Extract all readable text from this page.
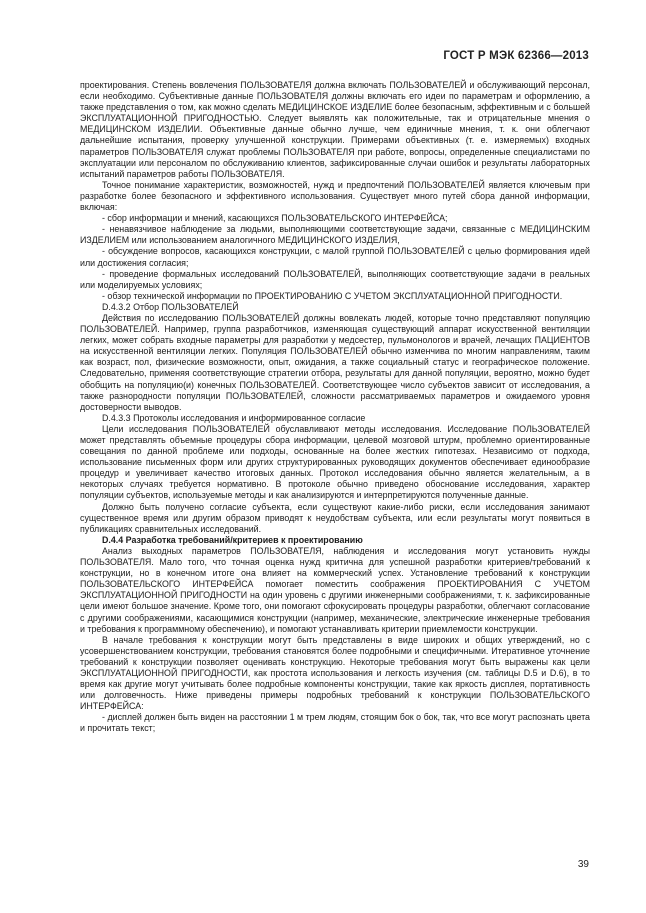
ГОСТ Р МЭК 62366—2013

проектирования. Степень вовлечения ПОЛЬЗОВАТЕЛЯ должна включать ПОЛЬЗОВАТЕЛЕЙ и обслуживающий персонал, если необходимо. Субъективные данные ПОЛЬЗОВАТЕЛЯ должны включать его идеи по параметрам и оформлению, а также представления о том, как можно сделать МЕДИЦИНСКОЕ ИЗДЕЛИЕ более безопасным, эффективным и с большей ЭКСПЛУАТАЦИОННОЙ ПРИГОДНОСТЬЮ. Следует выявлять как положительные, так и отрицательные мнения о МЕДИЦИНСКОМ ИЗДЕЛИИ. Объективные данные обычно лучше, чем единичные мнения, т. к. они облегчают дальнейшие испытания, проверку улучшенной конструкции. Примерами объективных (т. е. измеряемых) входных параметров ПОЛЬЗОВАТЕЛЯ служат проблемы ПОЛЬЗОВАТЕЛЯ при работе, вопросы, определенные специалистами по эксплуатации или персоналом по обслуживанию клиентов, зафиксированные случаи ошибок и результаты лабораторных испытаний параметров работы ПОЛЬЗОВАТЕЛЯ.

Точное понимание характеристик, возможностей, нужд и предпочтений ПОЛЬЗОВАТЕЛЕЙ является ключевым при разработке более безопасного и эффективного использования. Существует много путей сбора данной информации, включая:

- сбор информации и мнений, касающихся ПОЛЬЗОВАТЕЛЬСКОГО ИНТЕРФЕЙСА;

- ненавязчивое наблюдение за людьми, выполняющими соответствующие задачи, связанные с МЕДИЦИНСКИМ ИЗДЕЛИЕМ или использованием аналогичного МЕДИЦИНСКОГО ИЗДЕЛИЯ,

- обсуждение вопросов, касающихся конструкции, с малой группой ПОЛЬЗОВАТЕЛЕЙ с целью формирования идей или достижения согласия;

- проведение формальных исследований ПОЛЬЗОВАТЕЛЕЙ, выполняющих соответствующие задачи в реальных или моделируемых условиях;

- обзор технической информации по ПРОЕКТИРОВАНИЮ С УЧЕТОМ ЭКСПЛУАТАЦИОННОЙ ПРИГОДНОСТИ.

D.4.3.2 Отбор ПОЛЬЗОВАТЕЛЕЙ

Действия по исследованию ПОЛЬЗОВАТЕЛЕЙ должны вовлекать людей, которые точно представляют популяцию ПОЛЬЗОВАТЕЛЕЙ. Например, группа разработчиков, изменяющая существующий аппарат искусственной вентиляции легких, может собрать входные параметры для разработки у медсестер, пульмонологов и врачей, лечащих ПАЦИЕНТОВ на искусственной вентиляции легких. Популяция ПОЛЬЗОВАТЕЛЕЙ обычно изменчива по многим направлениям, таким как возраст, пол, физические возможности, опыт, ожидания, а также социальный статус и географическое положение. Следовательно, применяя соответствующие стратегии отбора, результаты для данной популяции, вероятно, можно будет обобщить на популяцию(и) конечных ПОЛЬЗОВАТЕЛЕЙ. Соответствующее число субъектов зависит от исследования, а также разнородности популяции ПОЛЬЗОВАТЕЛЕЙ, сложности рассматриваемых параметров и ожидаемого уровня достоверности выводов.

D.4.3.3 Протоколы исследования и информированное согласие

Цели исследования ПОЛЬЗОВАТЕЛЕЙ обуславливают методы исследования. Исследование ПОЛЬЗОВАТЕЛЕЙ может представлять объемные процедуры сбора информации, целевой мозговой штурм, проблемно ориентированные совещания по данной проблеме или подходы, основанные на более жестких гипотезах. Независимо от подхода, использование письменных форм или других структурированных руководящих документов обеспечивает единообразие процедур и увеличивает качество итоговых данных. Протокол исследования обычно является желательным, а в некоторых случаях требуется нормативно. В протоколе обычно приведено обоснование исследования, характер популяции субъектов, используемые методы и как анализируются и интерпретируются полученные данные.

Должно быть получено согласие субъекта, если существуют какие-либо риски, если исследования занимают существенное время или другим образом приводят к неудобствам субъекта, или если результаты могут появиться в публикациях сравнительных исследований.

D.4.4 Разработка требований/критериев к проектированию

Анализ выходных параметров ПОЛЬЗОВАТЕЛЯ, наблюдения и исследования могут установить нужды ПОЛЬЗОВАТЕЛЯ. Мало того, что точная оценка нужд критична для успешной разработки критериев/требований к конструкции, но в конечном итоге она влияет на коммерческий успех. Установление требований к конструкции ПОЛЬЗОВАТЕЛЬСКОГО ИНТЕРФЕЙСА помогает поместить соображения ПРОЕКТИРОВАНИЯ С УЧЕТОМ ЭКСПЛУАТАЦИОННОЙ ПРИГОДНОСТИ на один уровень с другими инженерными соображениями, т. к. зафиксированные цели имеют большое значение. Кроме того, они помогают сфокусировать процедуры разработки, облегчают согласование с другими соображениями, касающимися конструкции (например, механические, электрические инженерные требования и требования к программному обеспечению), и помогают устанавливать критерии приемлемости конструкции.

В начале требования к конструкции могут быть представлены в виде широких и общих утверждений, но с усовершенствованием конструкции, требования становятся более подробными и специфичными. Итеративное уточнение требований к конструкции позволяет оценивать конструкцию. Некоторые требования могут быть выражены как цели ЭКСПЛУАТАЦИОННОЙ ПРИГОДНОСТИ, как простота использования и легкость изучения (см. таблицы D.5 и D.6), в то время как другие могут учитывать более подробные компоненты конструкции, такие как яркость дисплея, портативность или долговечность. Ниже приведены примеры подробных требований к конструкции ПОЛЬЗОВАТЕЛЬСКОГО ИНТЕРФЕЙСА:

- дисплей должен быть виден на расстоянии 1 м трем людям, стоящим бок о бок, так, что все могут распознать цвета и прочитать текст;

39
